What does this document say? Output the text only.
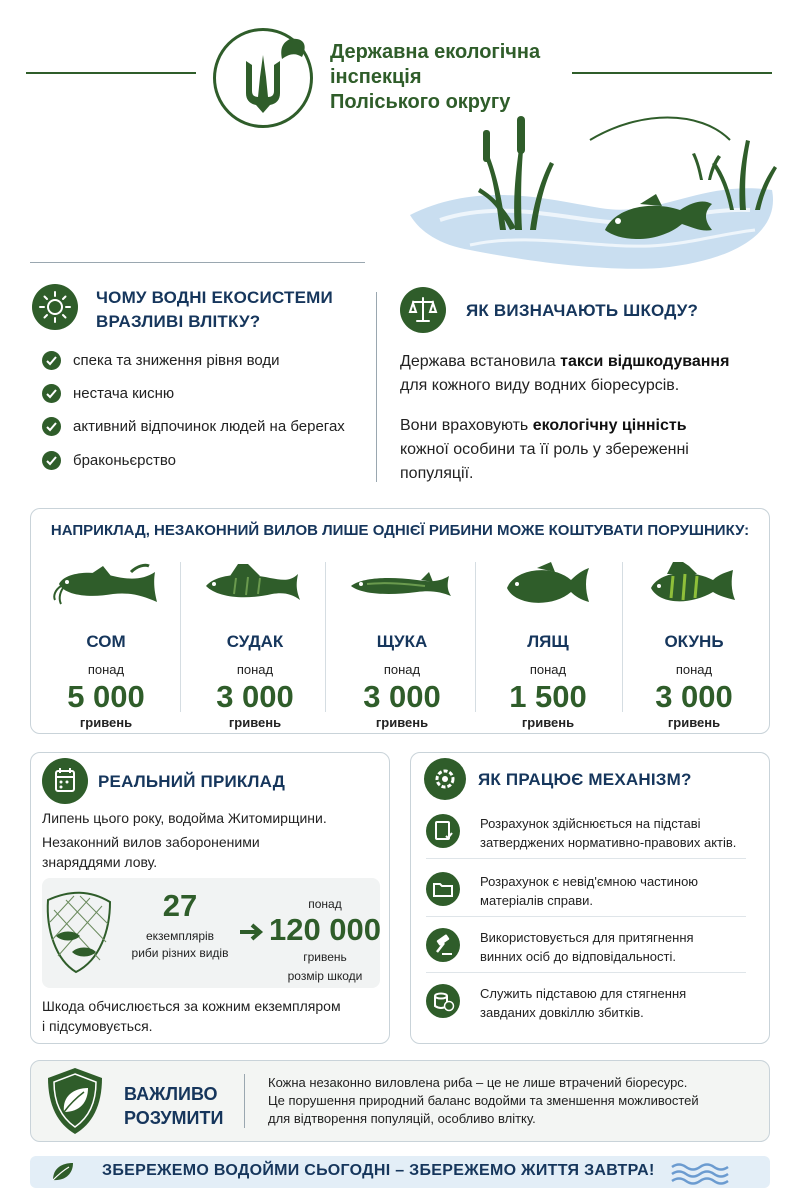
Державна екологічна
інспекція
Поліського округу
ЧОМУ ВОДНІ ЕКОСИСТЕМИ
ВРАЗЛИВІ ВЛІТКУ?
спека та зниження рівня води
нестача кисню
активний відпочинок людей на берегах
браконьєрство
ЯК ВИЗНАЧАЮТЬ ШКОДУ?
Держава встановила такси відшкодування
для кожного виду водних біоресурсів.
Вони враховують екологічну цінність
кожної особини та її роль у збереженні
популяції.
НАПРИКЛАД, НЕЗАКОННИЙ ВИЛОВ ЛИШЕ ОДНІЄЇ РИБИНИ МОЖЕ КОШТУВАТИ ПОРУШНИКУ:
СОМ
понад
5 000
гривень
СУДАК
понад
3 000
гривень
ЩУКА
понад
3 000
гривень
ЛЯЩ
понад
1 500
гривень
ОКУНЬ
понад
3 000
гривень
РЕАЛЬНИЙ ПРИКЛАД
Липень цього року, водойма Житомирщини.
Незаконний вилов забороненими
знаряддями лову.
27
екземплярів
риби різних видів
понад
120 000
гривень
розмір шкоди
Шкода обчислюється за кожним екземпляром
і підсумовується.
ЯК ПРАЦЮЄ МЕХАНІЗМ?
Розрахунок здійснюється на підставі
затверджених нормативно-правових актів.
Розрахунок є невід'ємною частиною
матеріалів справи.
Використовується для притягнення
винних осіб до відповідальності.
Служить підставою для стягнення
завданих довкіллю збитків.
ВАЖЛИВО
РОЗУМИТИ
Кожна незаконно виловлена риба – це не лише втрачений біоресурс.
Це порушення природний баланс водойми та зменшення можливостей
для відтворення популяцій, особливо влітку.
ЗБЕРЕЖЕМО ВОДОЙМИ СЬОГОДНІ – ЗБЕРЕЖЕМО ЖИТТЯ ЗАВТРА!
